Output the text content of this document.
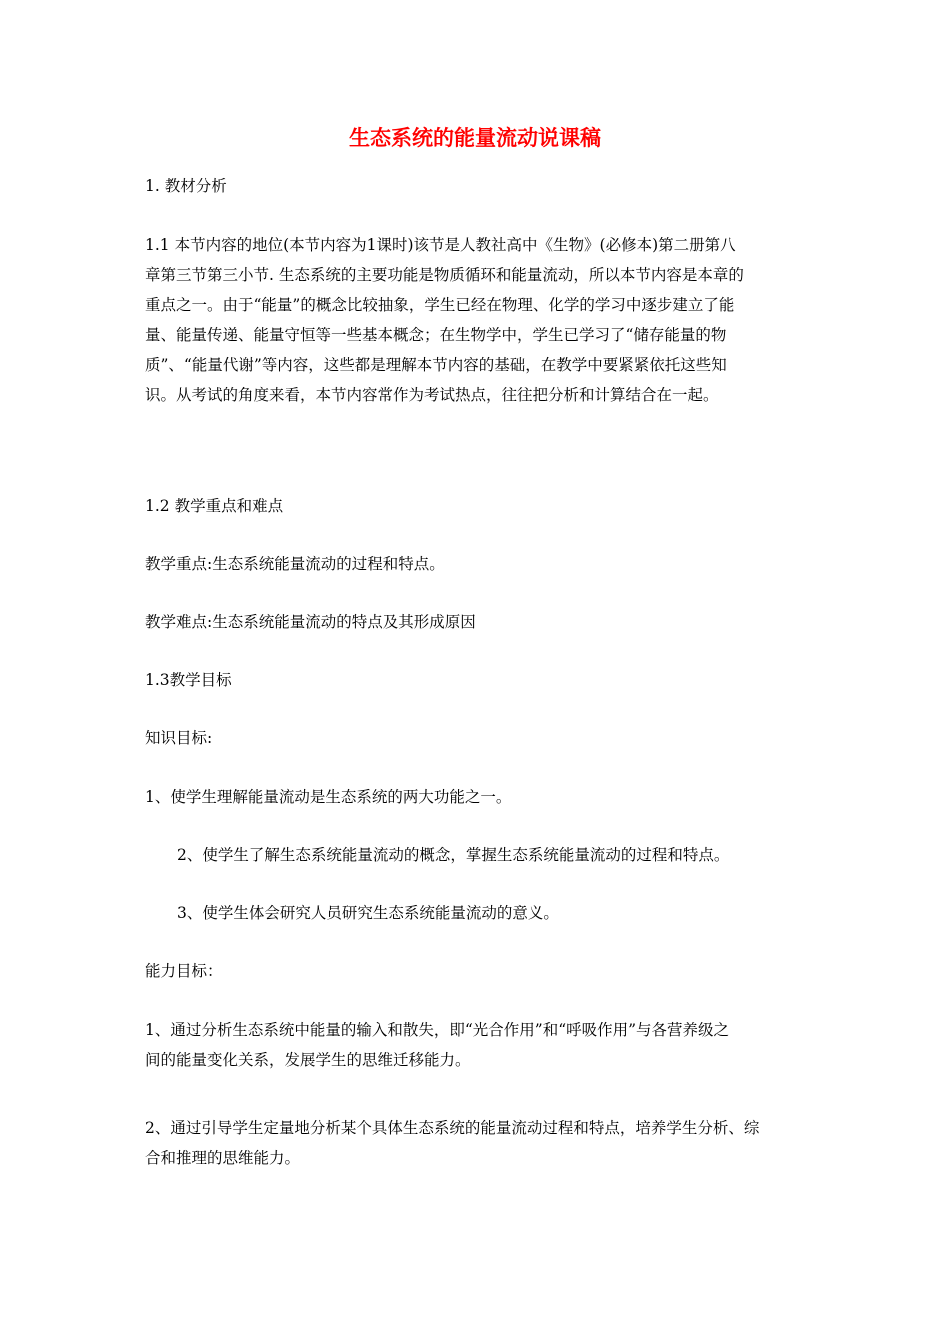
生态系统的能量流动说课稿

1. 教材分析

1.1 本节内容的地位(本节内容为1课时)该节是人教社高中《生物》(必修本)第二册第八
章第三节第三小节. 生态系统的主要功能是物质循环和能量流动，所以本节内容是本章的
重点之一。由于“能量”的概念比较抽象，学生已经在物理、化学的学习中逐步建立了能
量、能量传递、能量守恒等一些基本概念；在生物学中，学生已学习了“储存能量的物
质”、“能量代谢”等内容，这些都是理解本节内容的基础，在教学中要紧紧依托这些知
识。从考试的角度来看，本节内容常作为考试热点，往往把分析和计算结合在一起。

1.2 教学重点和难点

教学重点:生态系统能量流动的过程和特点。

教学难点:生态系统能量流动的特点及其形成原因

1.3教学目标

知识目标:

1、使学生理解能量流动是生态系统的两大功能之一。

2、使学生了解生态系统能量流动的概念，掌握生态系统能量流动的过程和特点。

3、使学生体会研究人员研究生态系统能量流动的意义。

能力目标：

1、通过分析生态系统中能量的输入和散失，即“光合作用”和“呼吸作用”与各营养级之
间的能量变化关系，发展学生的思维迁移能力。
2、通过引导学生定量地分析某个具体生态系统的能量流动过程和特点，培养学生分析、综
合和推理的思维能力。
